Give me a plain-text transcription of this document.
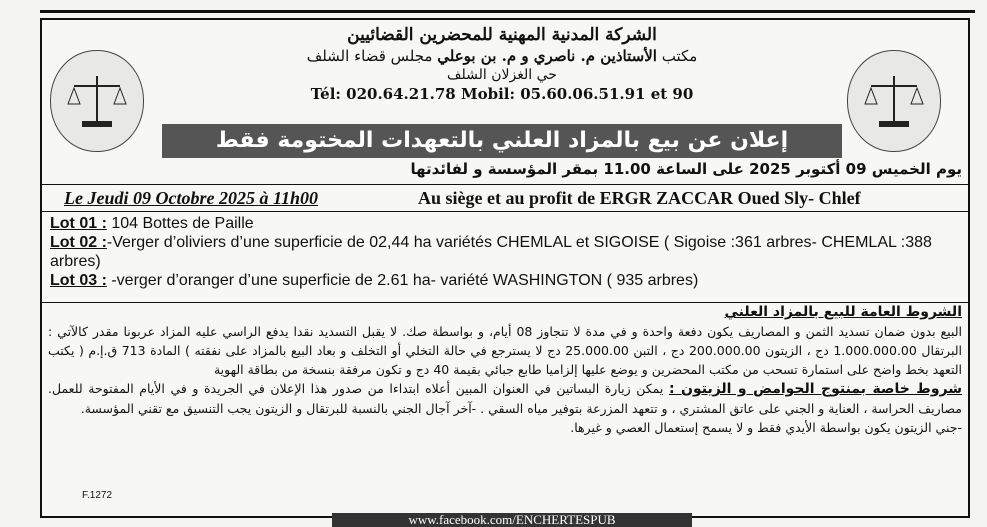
الشركة المدنية المهنية للمحضرين القضائيين
مكتب الأستاذين م. ناصري و م. بن بوعلي مجلس قضاء الشلف
حي الغزلان الشلف
Tél: 020.64.21.78 Mobil: 05.60.06.51.91 et 90
إعلان عن بيع بالمزاد العلني بالتعهدات المختومة فقط
يوم الخميس 09 أكتوبر 2025 على الساعة 11.00 بمقر المؤسسة و لفائدتها
Le Jeudi 09 Octobre 2025 à 11h00	Au siège et au profit de ERGR ZACCAR Oued Sly- Chlef

Lot 01 : 104 Bottes de Paille

Lot 02 :-Verger d’oliviers d’une superficie de 02,44 ha variétés CHEMLAL et SIGOISE ( Sigoise :361 arbres- CHEMLAL :388 arbres)

Lot 03 : -verger d’oranger d’une superficie de 2.61 ha- variété WASHINGTON ( 935 arbres)

الشروط العامة للبيع بالمزاد العلني

البيع بدون ضمان تسديد الثمن و المصاريف يكون دفعة واحدة و في مدة لا تتجاوز 08 أيام، و بواسطة صك. لا يقبل التسديد نقدا يدفع الراسي عليه المزاد عربونا مقدر كالآتي : البرتقال 1.000.000.00 دج ، الزيتون 200.000.00 دج ، التبن 25.000.00 دج لا يسترجع في حالة التخلي أو التخلف و بعاد البيع بالمزاد على نفقته ) المادة 713 ق.إ.م ( يكتب التعهد بخط واضح على استمارة تسحب من مكتب المحضرين و يوضع عليها إلزاميا طابع جبائي بقيمة 40 دج و تكون مرفقة بنسخة من بطاقة الهوية

شروط خاصة بمنتوج الحوامض و الزيتون : يمكن زيارة البساتين في العنوان المبين أعلاه ابتداءا من صدور هذا الإعلان في الجريدة و في الأيام المفتوحة للعمل. مصاريف الحراسة ، العناية و الجني على عاتق المشتري ، و تتعهد المزرعة بتوفير مياه السقي . -آخر آجال الجني بالنسبة للبرتقال و الزيتون يجب التنسيق مع تقني المؤسسة.

-جني الزيتون يكون بواسطة الأيدي فقط و لا يسمح إستعمال العصي و غيرها.

F.1272
www.facebook.com/ENCHERTESPUB
